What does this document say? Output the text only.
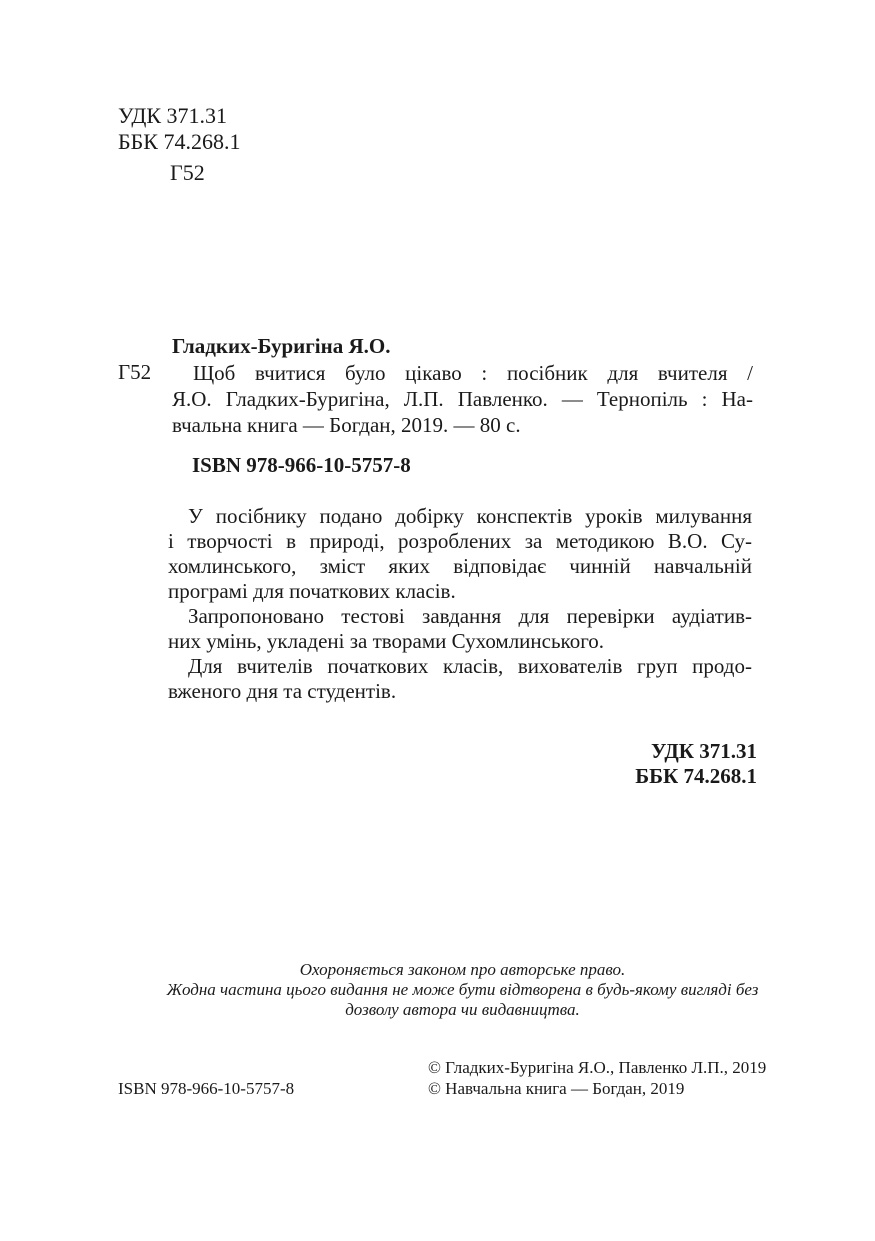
УДК 371.31
ББК 74.268.1
Г52
Гладких-Буригіна Я.О.
Г52 Щоб вчитися було цікаво : посібник для вчителя /
Я.О. Гладких-Буригіна, Л.П. Павленко. — Тернопіль : На-
вчальна книга — Богдан, 2019. — 80 с.
ISBN 978-966-10-5757-8
У посібнику подано добірку конспектів уроків милування
і творчості в природі, розроблених за методикою В.О. Су-
хомлинського, зміст яких відповідає чинній навчальній
програмі для початкових класів.
Запропоновано тестові завдання для перевірки аудіатив-
них умінь, укладені за творами Сухомлинського.
Для вчителів початкових класів, вихователів груп продо-
вженого дня та студентів.
УДК 371.31
ББК 74.268.1
Охороняється законом про авторське право.
Жодна частина цього видання не може бути відтворена в будь-якому вигляді без
дозволу автора чи видавництва.
ISBN 978-966-10-5757-8
© Гладких-Буригіна Я.О., Павленко Л.П., 2019
© Навчальна книга — Богдан, 2019
